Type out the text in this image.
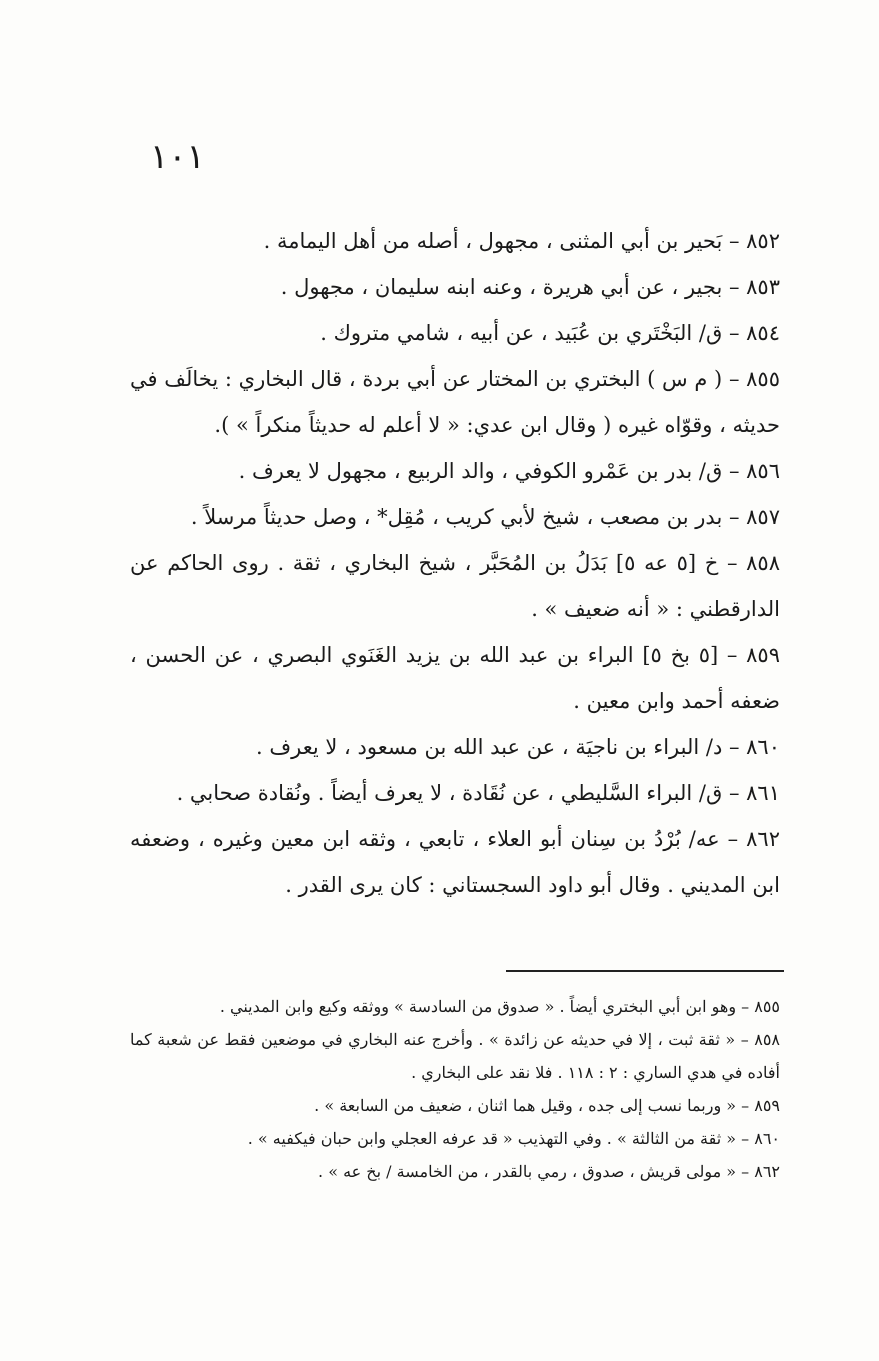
١٠١

٨٥٢ – بَحير بن أبي المثنى ، مجهول ، أصله من أهل اليمامة .

٨٥٣ – بجير ، عن أبي هريرة ، وعنه ابنه سليمان ، مجهول .

٨٥٤ – ق/ البَخْتَري بن عُبَيد ، عن أبيه ، شامي متروك .

٨٥٥ – ( م س ) البختري بن المختار عن أبي بردة ، قال البخاري : يخالَف في حديثه ، وقوّاه غيره ( وقال ابن عدي: « لا أعلم له حديثاً منكراً » ).

٨٥٦ – ق/ بدر بن عَمْرو الكوفي ، والد الربيع ، مجهول لا يعرف .

٨٥٧ – بدر بن مصعب ، شيخ لأبي كريب ، مُقِل* ، وصل حديثاً مرسلاً .

٨٥٨ – خ [٥ عه ٥] بَدَلُ بن المُحَبَّر ، شيخ البخاري ، ثقة . روى الحاكم عن الدارقطني : « أنه ضعيف » .

٨٥٩ – [٥ بخ ٥] البراء بن عبد الله بن يزيد الغَنَوي البصري ، عن الحسن ، ضعفه أحمد وابن معين .

٨٦٠ – د/ البراء بن ناجيَة ، عن عبد الله بن مسعود ، لا يعرف .

٨٦١ – ق/ البراء السَّليطي ، عن نُقَادة ، لا يعرف أيضاً . ونُقادة صحابي .

٨٦٢ – عه/ بُرْدُ بن سِنان أبو العلاء ، تابعي ، وثقه ابن معين وغيره ، وضعفه ابن المديني . وقال أبو داود السجستاني : كان يرى القدر .

٨٥٥ – وهو ابن أبي البختري أيضاً . « صدوق من السادسة » ووثقه وكيع وابن المديني .

٨٥٨ – « ثقة ثبت ، إلا في حديثه عن زائدة » . وأخرج عنه البخاري في موضعين فقط عن شعبة كما أفاده في هدي الساري : ٢ : ١١٨ . فلا نقد على البخاري .

٨٥٩ – « وربما نسب إلى جده ، وقيل هما اثنان ، ضعيف من السابعة » .

٨٦٠ – « ثقة من الثالثة » . وفي التهذيب « قد عرفه العجلي وابن حبان فيكفيه » .

٨٦٢ – « مولى قريش ، صدوق ، رمي بالقدر ، من الخامسة / بخ عه » .
